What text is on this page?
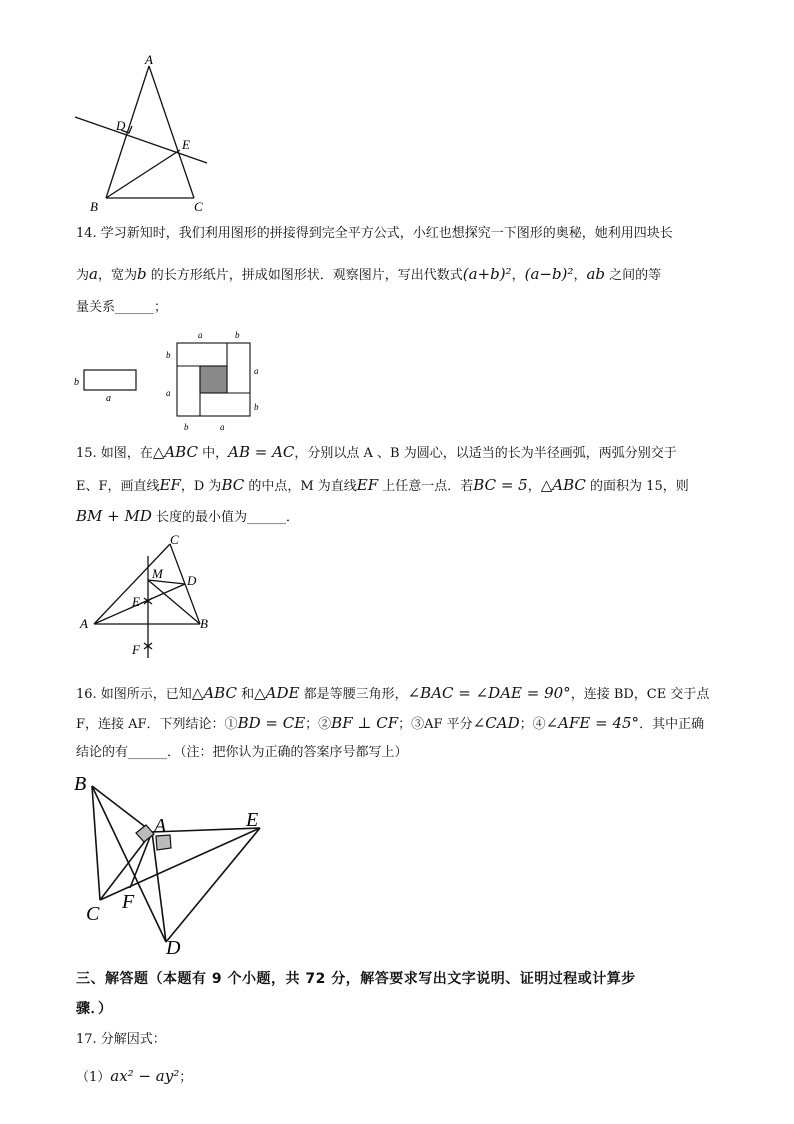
A
D
E
B	C
14. 学习新知时，我们利用图形的拼接得到完全平方公式，小红也想探究一下图形的奥秘，她利用四块长
为a，宽为b 的长方形纸片，拼成如图形状．观察图片，写出代数式(a+b)²，(a−b)²，ab 之间的等
量关系______；
b
a
a	b
b
a
a
b
b	a
15. 如图，在△ABC 中，AB = AC，分别以点 A 、B 为圆心，以适当的长为半径画弧，两弧分别交于
E、F，画直线EF，D 为BC 的中点，M 为直线EF 上任意一点．若BC = 5，△ABC 的面积为 15，则
BM + MD 长度的最小值为______．
C
M D
E
A	B
F
16. 如图所示，已知△ABC 和△ADE 都是等腰三角形，∠BAC = ∠DAE = 90°，连接 BD，CE 交于点
F，连接 AF．下列结论：①BD = CE；②BF ⊥ CF；③AF 平分∠CAD；④∠AFE = 45°．其中正确
结论的有______．（注：把你认为正确的答案序号都写上）
B
A	E
C
F
D
三、解答题（本题有 9 个小题，共 72 分，解答要求写出文字说明、证明过程或计算步
骤．）
17. 分解因式：
（1）ax² − ay²；
